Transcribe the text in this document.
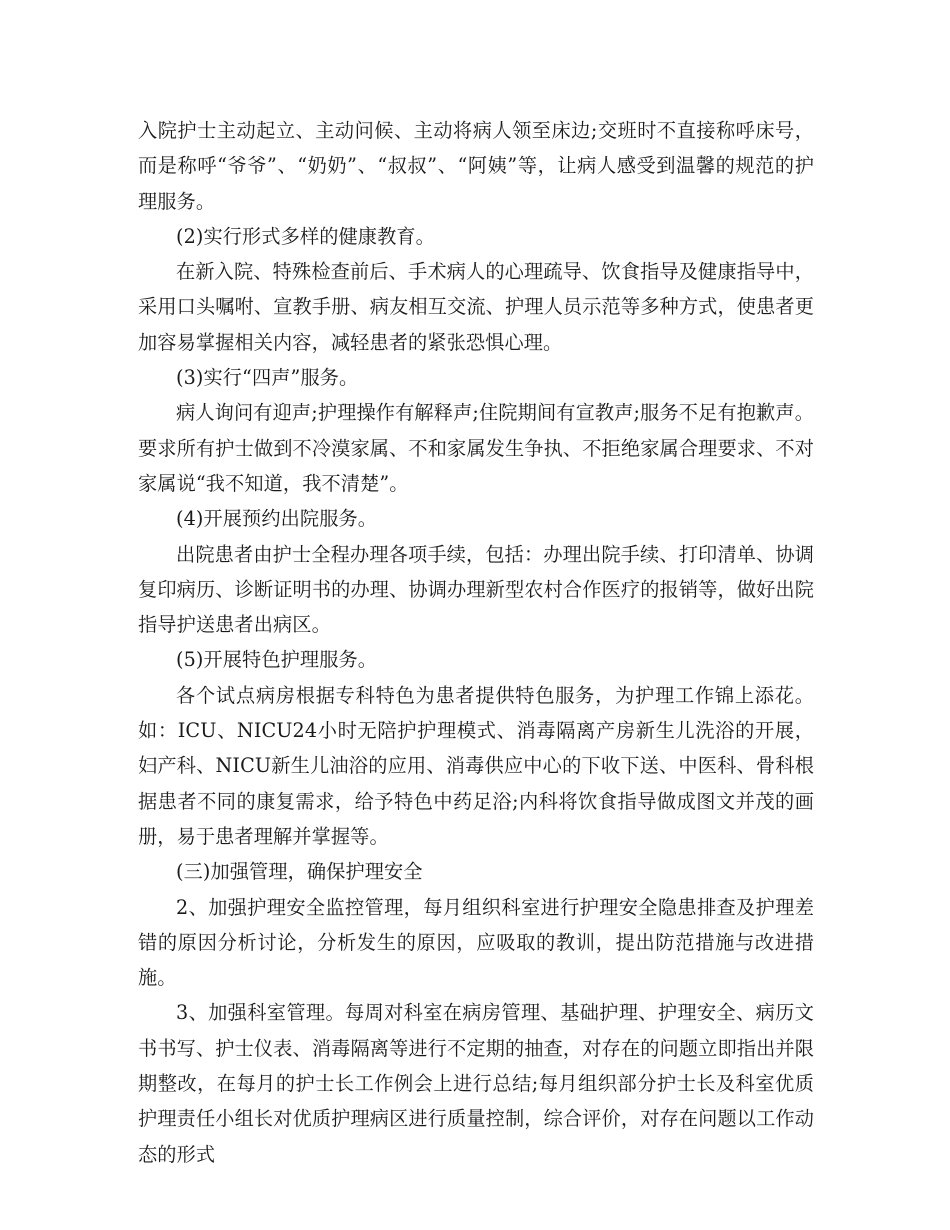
入院护士主动起立、主动问候、主动将病人领至床边;交班时不直接称呼床号，而是称呼“爷爷”、“奶奶”、“叔叔”、“阿姨”等，让病人感受到温馨的规范的护理服务。

(2)实行形式多样的健康教育。

在新入院、特殊检查前后、手术病人的心理疏导、饮食指导及健康指导中，采用口头嘱咐、宣教手册、病友相互交流、护理人员示范等多种方式，使患者更加容易掌握相关内容，减轻患者的紧张恐惧心理。

(3)实行“四声”服务。

病人询问有迎声;护理操作有解释声;住院期间有宣教声;服务不足有抱歉声。要求所有护士做到不冷漠家属、不和家属发生争执、不拒绝家属合理要求、不对家属说“我不知道，我不清楚”。

(4)开展预约出院服务。

出院患者由护士全程办理各项手续，包括：办理出院手续、打印清单、协调复印病历、诊断证明书的办理、协调办理新型农村合作医疗的报销等，做好出院指导护送患者出病区。

(5)开展特色护理服务。

各个试点病房根据专科特色为患者提供特色服务，为护理工作锦上添花。如：ICU、NICU24小时无陪护护理模式、消毒隔离产房新生儿洗浴的开展，妇产科、NICU新生儿油浴的应用、消毒供应中心的下收下送、中医科、骨科根据患者不同的康复需求，给予特色中药足浴;内科将饮食指导做成图文并茂的画册，易于患者理解并掌握等。

(三)加强管理，确保护理安全

2、加强护理安全监控管理，每月组织科室进行护理安全隐患排查及护理差错的原因分析讨论，分析发生的原因，应吸取的教训，提出防范措施与改进措施。

3、加强科室管理。每周对科室在病房管理、基础护理、护理安全、病历文书书写、护士仪表、消毒隔离等进行不定期的抽查，对存在的问题立即指出并限期整改，在每月的护士长工作例会上进行总结;每月组织部分护士长及科室优质护理责任小组长对优质护理病区进行质量控制，综合评价，对存在问题以工作动态的形式
